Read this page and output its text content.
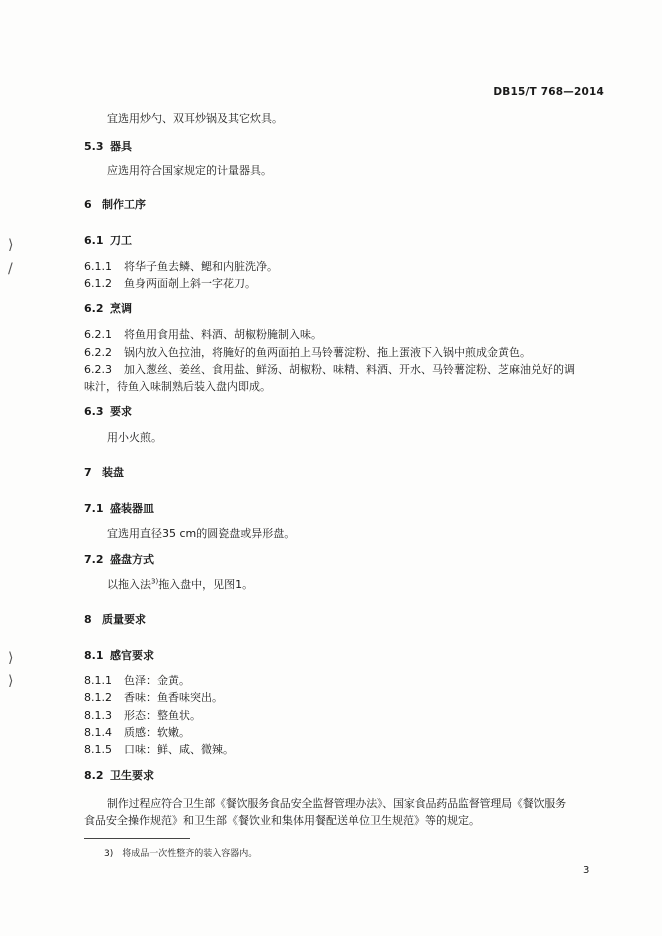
DB15/T 768—2014
⟩
/
⟩
⟩
宜选用炒勺、双耳炒锅及其它炊具。
5.3 器具
应选用符合国家规定的计量器具。
6 制作工序
6.1 刀工
6.1.1 将华子鱼去鳞、鳃和内脏洗净。
6.1.2 鱼身两面剞上斜一字花刀。
6.2 烹调
6.2.1 将鱼用食用盐、料酒、胡椒粉腌制入味。
6.2.2 锅内放入色拉油，将腌好的鱼两面拍上马铃薯淀粉、拖上蛋液下入锅中煎成金黄色。
6.2.3 加入葱丝、姜丝、食用盐、鲜汤、胡椒粉、味精、料酒、开水、马铃薯淀粉、芝麻油兑好的调
味汁，待鱼入味制熟后装入盘内即成。
6.3 要求
用小火煎。
7 装盘
7.1 盛装器皿
宜选用直径35 cm的圆瓷盘或异形盘。
7.2 盛盘方式
以拖入法$^{3)}$拖入盘中，见图1。
8 质量要求
8.1 感官要求
8.1.1 色泽：金黄。
8.1.2 香味：鱼香味突出。
8.1.3 形态：整鱼状。
8.1.4 质感：软嫩。
8.1.5 口味：鲜、咸、微辣。
8.2 卫生要求
制作过程应符合卫生部《餐饮服务食品安全监督管理办法》、国家食品药品监督管理局《餐饮服务
食品安全操作规范》和卫生部《餐饮业和集体用餐配送单位卫生规范》等的规定。
3)　将成品一次性整齐的装入容器内。
3
